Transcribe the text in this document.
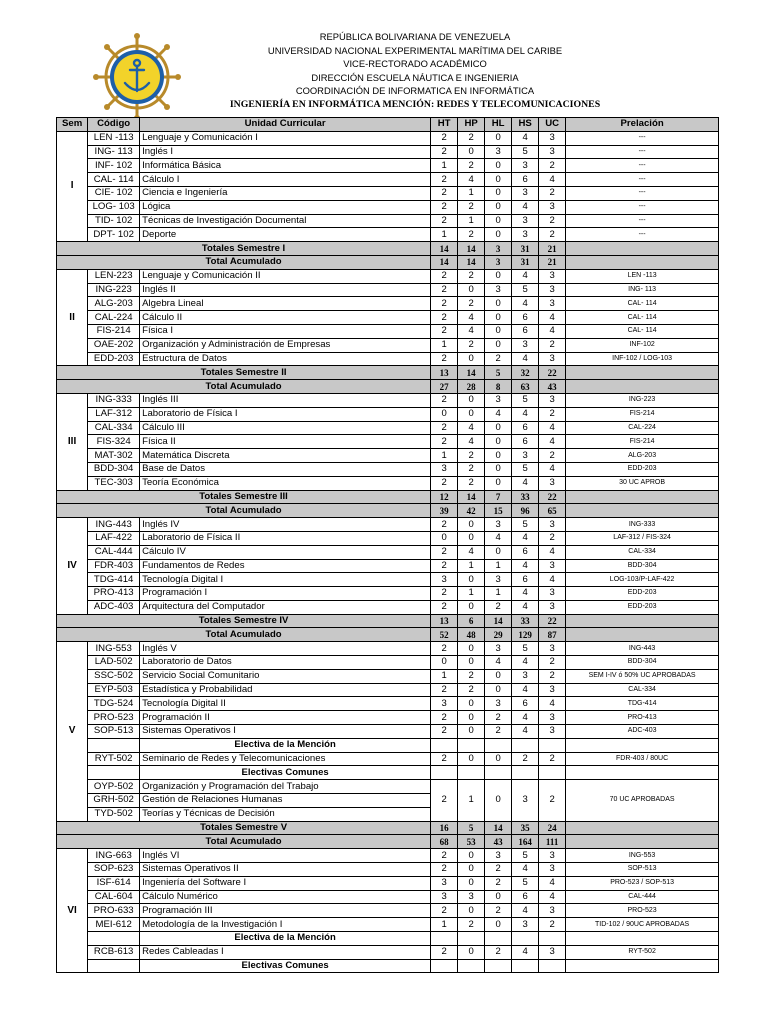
REPÚBLICA BOLIVARIANA DE VENEZUELA
UNIVERSIDAD NACIONAL EXPERIMENTAL MARÍTIMA DEL CARIBE
VICE-RECTORADO ACADÉMICO
DIRECCIÓN ESCUELA NÁUTICA E INGENIERIA
COORDINACIÓN DE INFORMATICA EN INFORMÁTICA
INGENIERÍA EN INFORMÁTICA MENCIÓN: REDES Y TELECOMUNICACIONES
Sem	Código	Unidad Curricular	HT	HP	HL	HS	UC	Prelación
I	LEN -113	Lenguaje y Comunicación I	2	2	0	4	3	---
	ING- 113	Inglés I	2	0	3	5	3	---
	INF- 102	Informática Básica	1	2	0	3	2	---
	CAL- 114	Cálculo I	2	4	0	6	4	---
	CIE- 102	Ciencia e Ingeniería	2	1	0	3	2	---
	LOG- 103	Lógica	2	2	0	4	3	---
	TID- 102	Técnicas de Investigación Documental	2	1	0	3	2	---
	DPT- 102	Deporte	1	2	0	3	2	---
Totales Semestre I			14	14	3	31	21	
Total Acumulado			14	14	3	31	21	
II	LEN-223	Lenguaje y Comunicación II	2	2	0	4	3	LEN -113
	ING-223	Inglés II	2	0	3	5	3	ING- 113
	ALG-203	Algebra Lineal	2	2	0	4	3	CAL- 114
	CAL-224	Cálculo II	2	4	0	6	4	CAL- 114
	FIS-214	Física I	2	4	0	6	4	CAL- 114
	OAE-202	Organización y Administración de Empresas	1	2	0	3	2	INF-102
	EDD-203	Estructura de Datos	2	0	2	4	3	INF-102 / LOG-103
Totales Semestre II			13	14	5	32	22	
Total Acumulado			27	28	8	63	43	
III	ING-333	Inglés III	2	0	3	5	3	ING-223
	LAF-312	Laboratorio de Física I	0	0	4	4	2	FIS-214
	CAL-334	Cálculo III	2	4	0	6	4	CAL-224
	FIS-324	Física II	2	4	0	6	4	FIS-214
	MAT-302	Matemática Discreta	1	2	0	3	2	ALG-203
	BDD-304	Base de Datos	3	2	0	5	4	EDD-203
	TEC-303	Teoría Económica	2	2	0	4	3	30 UC APROB
Totales Semestre III			12	14	7	33	22	
Total Acumulado			39	42	15	96	65	
IV	ING-443	Inglés IV	2	0	3	5	3	ING-333
	LAF-422	Laboratorio de Física II	0	0	4	4	2	LAF-312 / FIS-324
	CAL-444	Cálculo IV	2	4	0	6	4	CAL-334
	FDR-403	Fundamentos de Redes	2	1	1	4	3	BDD-304
	TDG-414	Tecnología Digital I	3	0	3	6	4	LOG-103/P-LAF-422
	PRO-413	Programación I	2	1	1	4	3	EDD-203
	ADC-403	Arquitectura del Computador	2	0	2	4	3	EDD-203
Totales Semestre IV			13	6	14	33	22	
Total Acumulado			52	48	29	129	87	
V	ING-553	Inglés V	2	0	3	5	3	ING-443
	LAD-502	Laboratorio de Datos	0	0	4	4	2	BDD-304
	SSC-502	Servicio Social Comunitario	1	2	0	3	2	SEM I-IV ó 50% UC APROBADAS
	EYP-503	Estadística y Probabilidad	2	2	0	4	3	CAL-334
	TDG-524	Tecnología Digital II	3	0	3	6	4	TDG-414
	PRO-523	Programación II	2	0	2	4	3	PRO-413
	SOP-513	Sistemas Operativos I	2	0	2	4	3	ADC-403
		Electiva de la Mención						
	RYT-502	Seminario de Redes y Telecomunicaciones	2	0	0	2	2	FDR-403 / 80UC
		Electivas Comunes						
	OYP-502	Organización y Programación del Trabajo	2	1	0	3	2	70 UC APROBADAS
	GRH-502	Gestión de Relaciones Humanas						
	TYD-502	Teorías y Técnicas de Decisión						
Totales Semestre V			16	5	14	35	24	
Total Acumulado			68	53	43	164	111	
VI	ING-663	Inglés VI	2	0	3	5	3	ING-553
	SOP-623	Sistemas Operativos II	2	0	2	4	3	SOP-513
	ISF-614	Ingeniería del Software I	3	0	2	5	4	PRO-523 / SOP-513
	CAL-604	Cálculo Numérico	3	3	0	6	4	CAL-444
	PRO-633	Programación III	2	0	2	4	3	PRO-523
	MEI-612	Metodología de la Investigación I	1	2	0	3	2	TID-102 / 90UC APROBADAS
		Electiva de la Mención						
	RCB-613	Redes Cableadas I	2	0	2	4	3	RYT-502
		Electivas Comunes						
